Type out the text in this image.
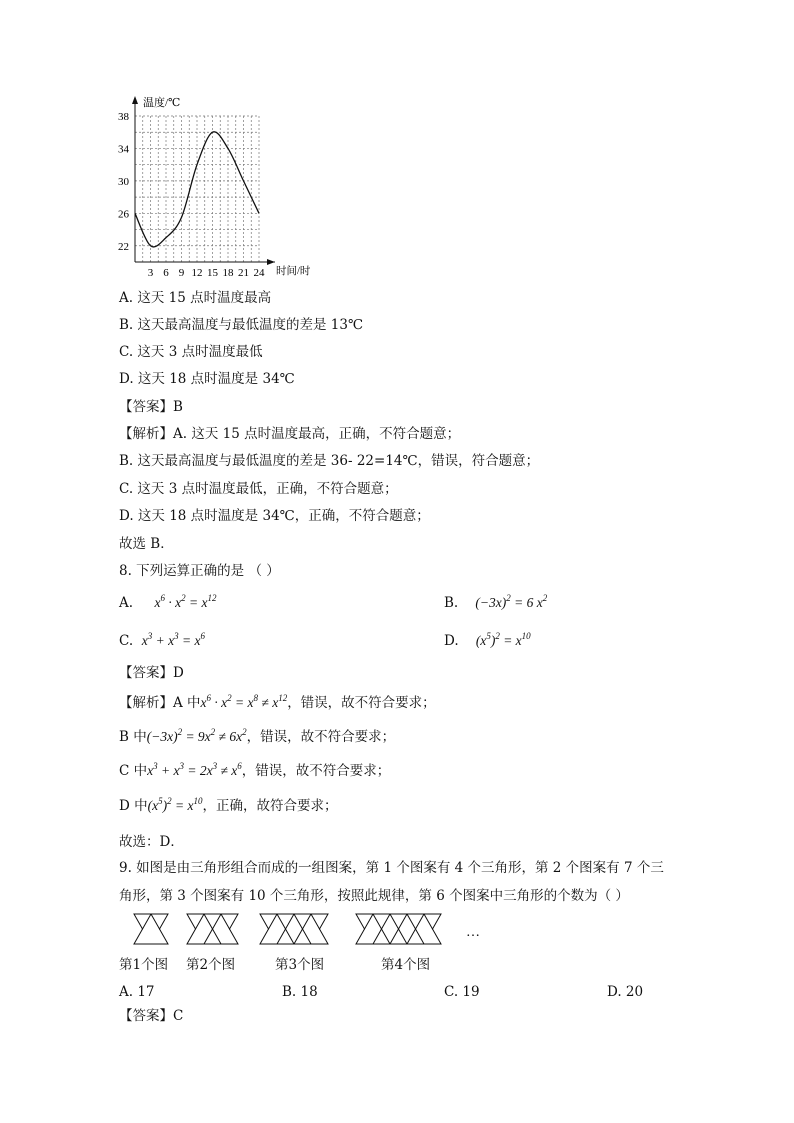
22
26
30
34
38
3 6 9 12 15 18 21 24
温度/℃
时间/时
A. 这天 15 点时温度最高
B. 这天最高温度与最低温度的差是 13℃
C. 这天 3 点时温度最低
D. 这天 18 点时温度是 34℃
【答案】B
【解析】A. 这天 15 点时温度最高，正确，不符合题意；
B. 这天最高温度与最低温度的差是 36- 22=14℃，错误，符合题意；
C. 这天 3 点时温度最低，正确，不符合题意；
D. 这天 18 点时温度是 34℃，正确，不符合题意；
故选 B．
8. 下列运算正确的是 （ ）
A.     $x^6 \cdot x^2 = x^{12}$	B.    $(-3x)^2 = 6$ $x^2$
C.  $x^3 + x^3 = x^6$	D.    $(x^5)^2 = x^{10}$
【答案】D
【解析】A 中$x^6 \cdot x^2 = x^8 \ne x^{12}$，错误，故不符合要求；
B 中$(-3x)^2 = 9x^2 \ne 6x^2$，错误，故不符合要求；
C 中$x^3 + x^3 = 2x^3 \ne x^6$，错误，故不符合要求；
D 中$(x^5)^2 = x^{10}$，正确，故符合要求；
故选：D．
9. 如图是由三角形组合而成的一组图案，第 1 个图案有 4 个三角形，第 2 个图案有 7 个三
角形，第 3 个图案有 10 个三角形，按照此规律，第 6 个图案中三角形的个数为（ ）
…
第1个图 第2个图	第3个图	第4个图
A. 17	B. 18	C. 19	D. 20
【答案】C
